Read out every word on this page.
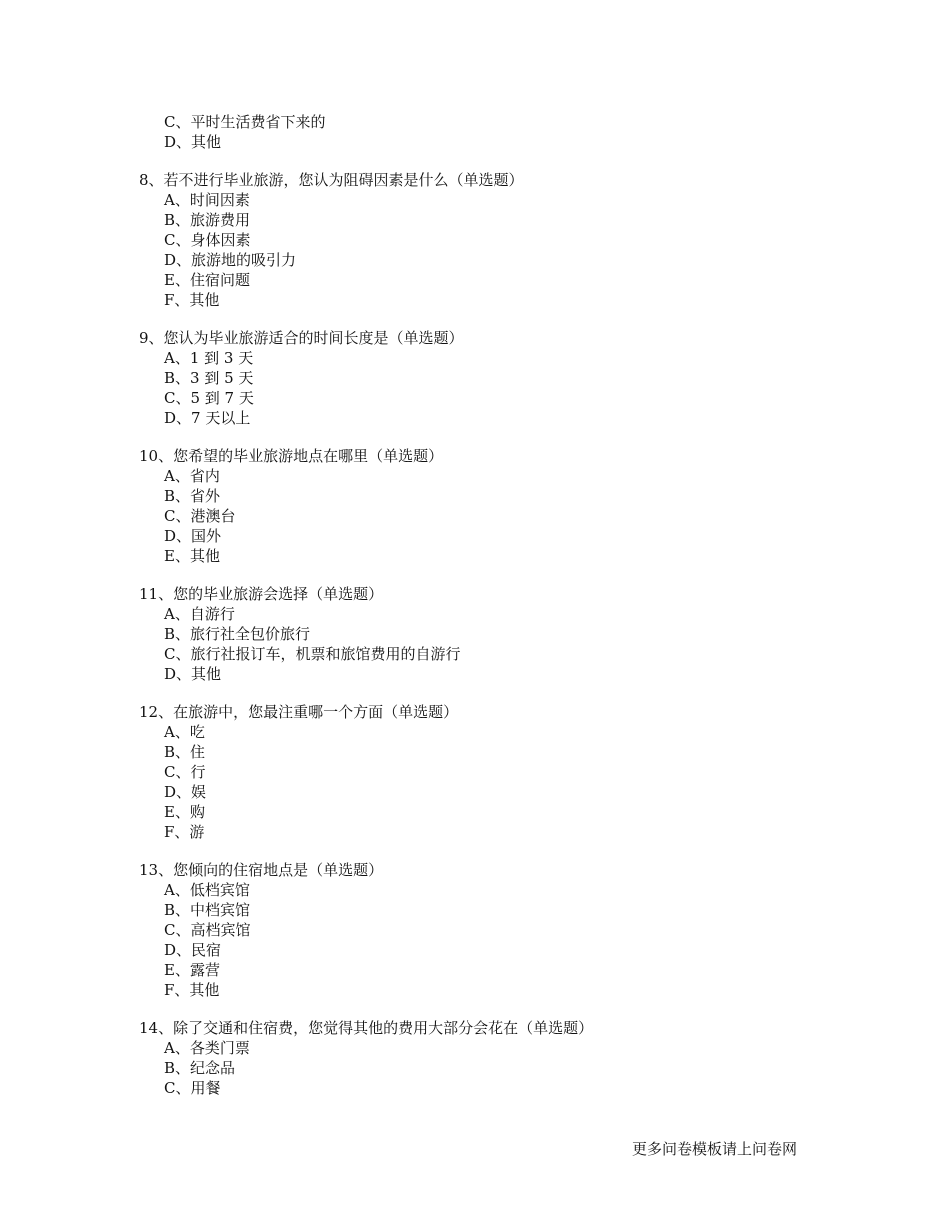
C、平时生活费省下来的
D、其他
8、若不进行毕业旅游，您认为阻碍因素是什么（单选题）
A、时间因素
B、旅游费用
C、身体因素
D、旅游地的吸引力
E、住宿问题
F、其他
9、您认为毕业旅游适合的时间长度是（单选题）
A、1 到 3 天
B、3 到 5 天
C、5 到 7 天
D、7 天以上
10、您希望的毕业旅游地点在哪里（单选题）
A、省内
B、省外
C、港澳台
D、国外
E、其他
11、您的毕业旅游会选择（单选题）
A、自游行
B、旅行社全包价旅行
C、旅行社报订车，机票和旅馆费用的自游行
D、其他
12、在旅游中，您最注重哪一个方面（单选题）
A、吃
B、住
C、行
D、娱
E、购
F、游
13、您倾向的住宿地点是（单选题）
A、低档宾馆
B、中档宾馆
C、高档宾馆
D、民宿
E、露营
F、其他
14、除了交通和住宿费，您觉得其他的费用大部分会花在（单选题）
A、各类门票
B、纪念品
C、用餐
更多问卷模板请上问卷网
